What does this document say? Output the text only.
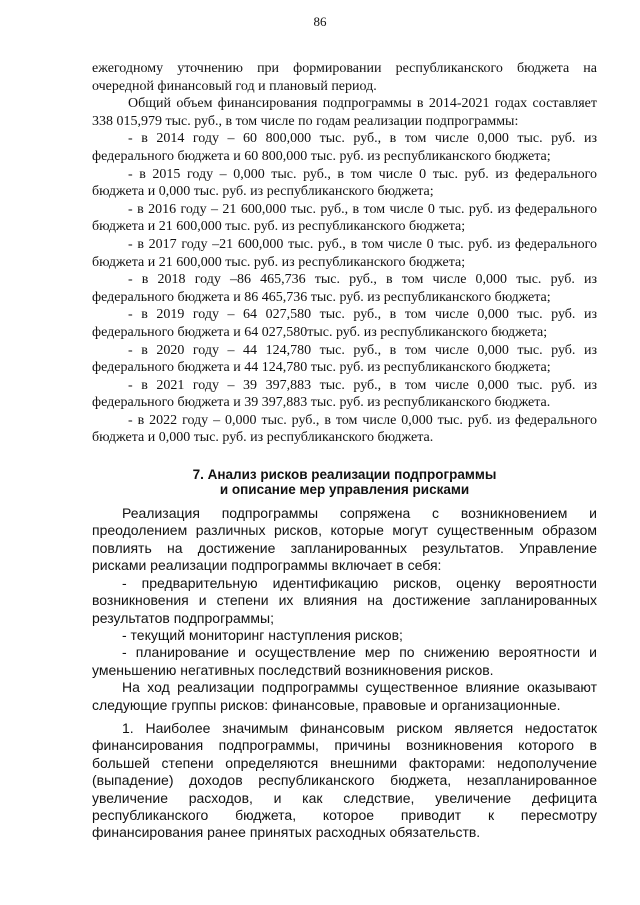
86

ежегодному уточнению при формировании республиканского бюджета на очередной финансовый год и плановый период.

Общий объем финансирования подпрограммы в 2014-2021 годах составляет 338 015,979 тыс. руб., в том числе по годам реализации подпрограммы:

- в 2014 году – 60 800,000 тыс. руб., в том числе 0,000 тыс. руб. из федерального бюджета и 60 800,000 тыс. руб. из республиканского бюджета;

- в 2015 году – 0,000 тыс. руб., в том числе 0 тыс. руб. из федерального бюджета и 0,000 тыс. руб. из республиканского бюджета;

- в 2016 году – 21 600,000 тыс. руб., в том числе 0 тыс. руб. из федерального бюджета и 21 600,000 тыс. руб. из республиканского бюджета;

- в 2017 году –21 600,000 тыс. руб., в том числе 0 тыс. руб. из федерального бюджета и 21 600,000 тыс. руб. из республиканского бюджета;

- в 2018 году –86 465,736 тыс. руб., в том числе 0,000 тыс. руб. из федерального бюджета и 86 465,736 тыс. руб. из республиканского бюджета;

- в 2019 году – 64 027,580 тыс. руб., в том числе 0,000 тыс. руб. из федерального бюджета и 64 027,580тыс. руб. из республиканского бюджета;

- в 2020 году – 44 124,780 тыс. руб., в том числе 0,000 тыс. руб. из федерального бюджета и 44 124,780 тыс. руб. из республиканского бюджета;

- в 2021 году – 39 397,883 тыс. руб., в том числе 0,000 тыс. руб. из федерального бюджета и 39 397,883 тыс. руб. из республиканского бюджета.

- в 2022 году – 0,000 тыс. руб., в том числе 0,000 тыс. руб. из федерального бюджета и 0,000 тыс. руб. из республиканского бюджета.

7. Анализ рисков реализации подпрограммы
и описание мер управления рисками

Реализация подпрограммы сопряжена с возникновением и преодолением различных рисков, которые могут существенным образом повлиять на достижение запланированных результатов. Управление рисками реализации подпрограммы включает в себя:

- предварительную идентификацию рисков, оценку вероятности возникновения и степени их влияния на достижение запланированных результатов подпрограммы;

- текущий мониторинг наступления рисков;

- планирование и осуществление мер по снижению вероятности и уменьшению негативных последствий возникновения рисков.

На ход реализации подпрограммы существенное влияние оказывают следующие группы рисков: финансовые, правовые и организационные.

1. Наиболее значимым финансовым риском является недостаток финансирования подпрограммы, причины возникновения которого в большей степени определяются внешними факторами: недополучение (выпадение) доходов республиканского бюджета, незапланированное увеличение расходов, и как следствие, увеличение дефицита республиканского бюджета, которое приводит к пересмотру финансирования ранее принятых расходных обязательств.
